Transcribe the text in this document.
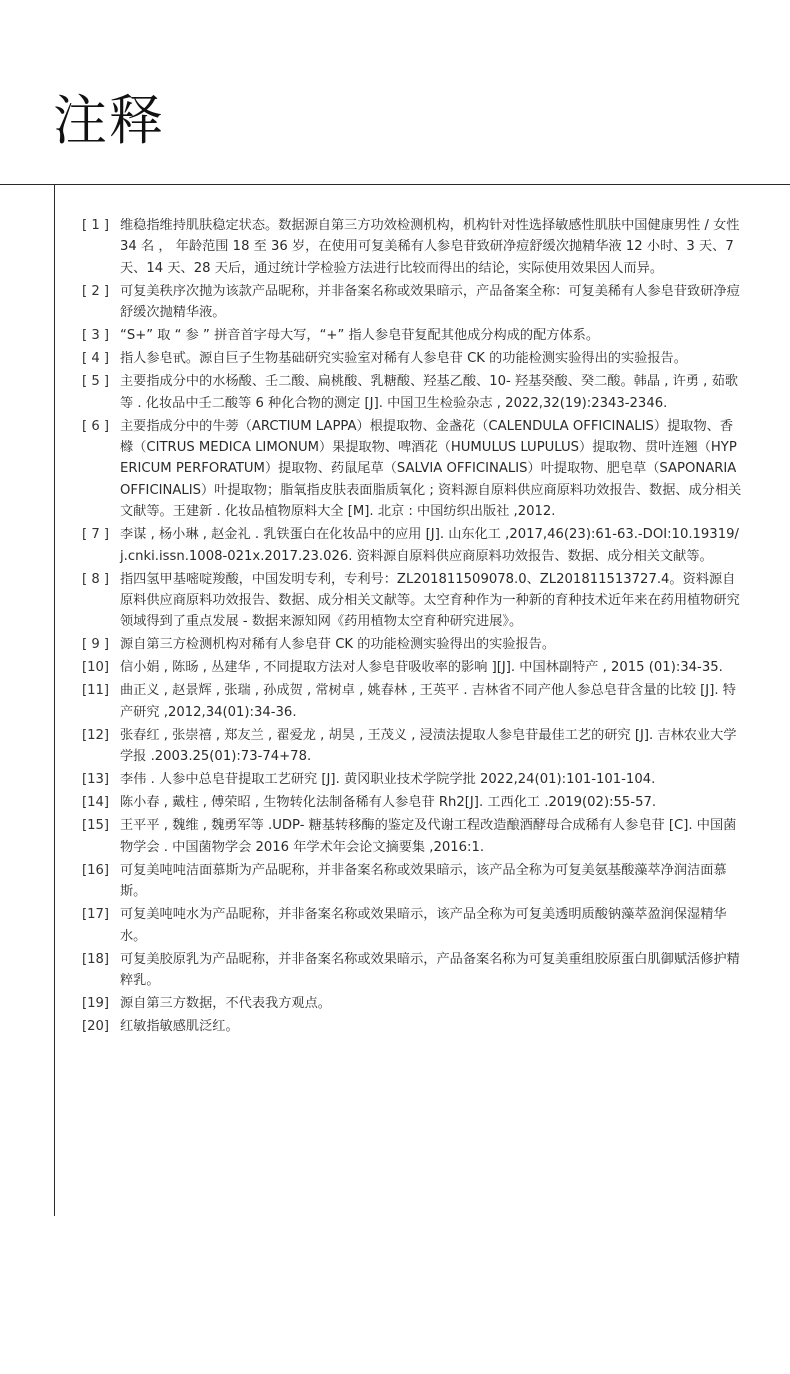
注释
[ 1 ] 维稳指维持肌肤稳定状态。数据源自第三方功效检测机构，机构针对性选择敏感性肌肤中国健康男性 / 女性 34 名 ， 年龄范围 18 至 36 岁，在使用可复美稀有人参皂苷致研净痘舒缓次抛精华液 12 小时、3 天、7 天、14 天、28 天后，通过统计学检验方法进行比较而得出的结论，实际使用效果因人而异。
[ 2 ] 可复美秩序次抛为该款产品昵称，并非备案名称或效果暗示，产品备案全称：可复美稀有人参皂苷致研净痘舒缓次抛精华液。
[ 3 ] “S+” 取 “ 参 ” 拼音首字母大写，“+” 指人参皂苷复配其他成分构成的配方体系。
[ 4 ] 指人参皂甙。源自巨子生物基础研究实验室对稀有人参皂苷 CK 的功能检测实验得出的实验报告。
[ 5 ] 主要指成分中的水杨酸、壬二酸、扁桃酸、乳糖酸、羟基乙酸、10- 羟基癸酸、癸二酸。韩晶 , 许勇 , 茹歌等 . 化妆品中壬二酸等 6 种化合物的测定 [J]. 中国卫生检验杂志 , 2022,32(19):2343-2346.
[ 6 ] 主要指成分中的牛蒡（ARCTIUM LAPPA）根提取物、金盏花（CALENDULA OFFICINALIS）提取物、香橼（CITRUS MEDICA LIMONUM）果提取物、啤酒花（HUMULUS LUPULUS）提取物、贯叶连翘（HYPERICUM PERFORATUM）提取物、药鼠尾草（SALVIA OFFICINALIS）叶提取物、肥皂草（SAPONARIA OFFICINALIS）叶提取物；脂氧指皮肤表面脂质氧化 ; 资料源自原料供应商原料功效报告、数据、成分相关文献等。王建新 . 化妆品植物原料大全 [M]. 北京 : 中国纺织出版社 ,2012.
[ 7 ] 李谋 , 杨小琳 , 赵金礼 . 乳铁蛋白在化妆品中的应用 [J]. 山东化工 ,2017,46(23):61-63.-DOI:10.19319/j.cnki.issn.1008-021x.2017.23.026. 资料源自原料供应商原料功效报告、数据、成分相关文献等。
[ 8 ] 指四氢甲基嘧啶羧酸，中国发明专利，专利号：ZL201811509078.0、ZL201811513727.4。资料源自原料供应商原料功效报告、数据、成分相关文献等。太空育种作为一种新的育种技术近年来在药用植物研究领域得到了重点发展 - 数据来源知网《药用植物太空育种研究进展》。
[ 9 ] 源自第三方检测机构对稀有人参皂苷 CK 的功能检测实验得出的实验报告。
[10] 信小娟 , 陈旸 , 丛建华 , 不同提取方法对人参皂苷吸收率的影响 ][J]. 中国林副特产 , 2015 (01):34-35.
[11] 曲正义 , 赵景辉 , 张瑞 , 孙成贺 , 常树卓 , 姚春林 , 王英平 . 吉林省不同产他人参总皂苷含量的比较 [J]. 特产研究 ,2012,34(01):34-36.
[12] 张春红 , 张崇禧 , 郑友兰 , 翟爱龙 , 胡昊 , 王茂义 , 浸渍法提取人参皂苷最佳工艺的研究 [J]. 吉林农业大学学报 .2003.25(01):73-74+78.
[13] 李伟 . 人参中总皂苷提取工艺研究 [J]. 黄冈职业技术学院学批 2022,24(01):101-101-104.
[14] 陈小春 , 戴柱 , 傅荣昭 , 生物转化法制备稀有人参皂苷 Rh2[J]. 工西化工 .2019(02):55-57.
[15] 王平平 , 魏维 , 魏勇军等 .UDP- 糖基转移酶的鉴定及代谢工程改造酿酒酵母合成稀有人参皂苷 [C]. 中国菌物学会 . 中国菌物学会 2016 年学术年会论文摘要集 ,2016:1.
[16] 可复美吨吨洁面慕斯为产品昵称，并非备案名称或效果暗示，该产品全称为可复美氨基酸藻萃净润洁面慕斯。
[17] 可复美吨吨水为产品昵称，并非备案名称或效果暗示，该产品全称为可复美透明质酸钠藻萃盈润保湿精华水。
[18] 可复美胶原乳为产品昵称，并非备案名称或效果暗示，产品备案名称为可复美重组胶原蛋白肌御赋活修护精粹乳。
[19] 源自第三方数据，不代表我方观点。
[20] 红敏指敏感肌泛红。
